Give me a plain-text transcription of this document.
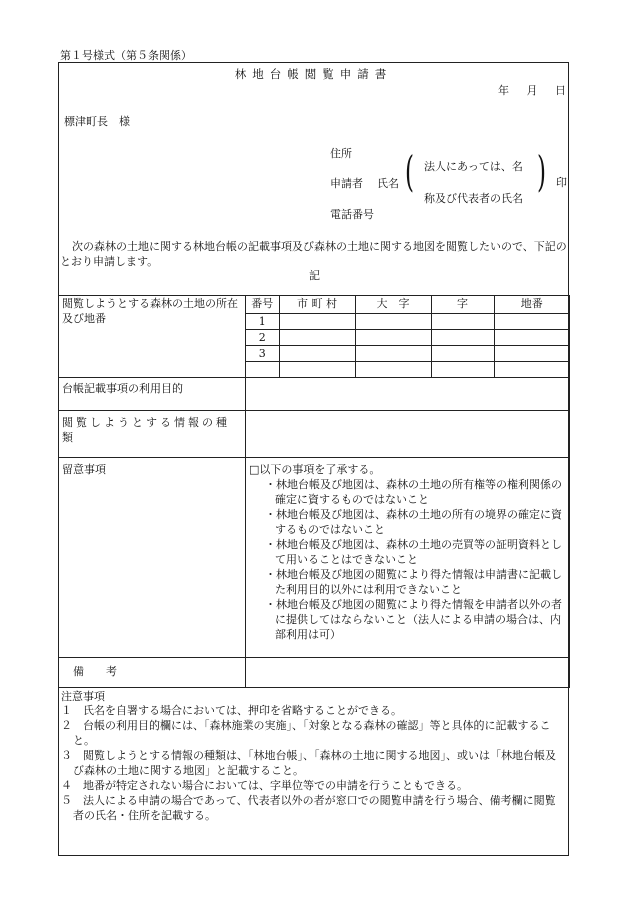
第１号様式（第５条関係）
林地台帳閲覧申請書
年 月 日
標津町長　様
住所
申請者 氏名 ( 法人にあっては、名
称及び代表者の氏名
) 印
電話番号
次の森林の土地に関する林地台帳の記載事項及び森林の土地に関する地図を閲覧したいので、下記のとおり申請します。
記
閲覧しようとする森林の土地の所在及び地番	
番号	市 町 村	大　字	字	地番
1				
2				
3				

台帳記載事項の利用目的	
閲覧しようとする情報の種類	
留意事項	□以下の事項を了承する。
・林地台帳及び地図は、森林の土地の所有権等の権利関係の確定に資するものではないこと
・林地台帳及び地図は、森林の土地の所有の境界の確定に資するものではないこと
・林地台帳及び地図は、森林の土地の売買等の証明資料として用いることはできないこと
・林地台帳及び地図の閲覧により得た情報は申請書に記載した利用目的以外には利用できないこと
・林地台帳及び地図の閲覧により得た情報を申請者以外の者に提供してはならないこと（法人による申請の場合は、内部利用は可）

備　　考	
注意事項
１　氏名を自署する場合においては、押印を省略することができる。
２　台帳の利用目的欄には、「森林施業の実施」、「対象となる森林の確認」等と具体的に記載すること。
３　閲覧しようとする情報の種類は、「林地台帳」、「森林の土地に関する地図」、或いは「林地台帳及び森林の土地に関する地図」と記載すること。
４　地番が特定されない場合においては、字単位等での申請を行うこともできる。
５　法人による申請の場合であって、代表者以外の者が窓口での閲覧申請を行う場合、備考欄に閲覧者の氏名・住所を記載する。
